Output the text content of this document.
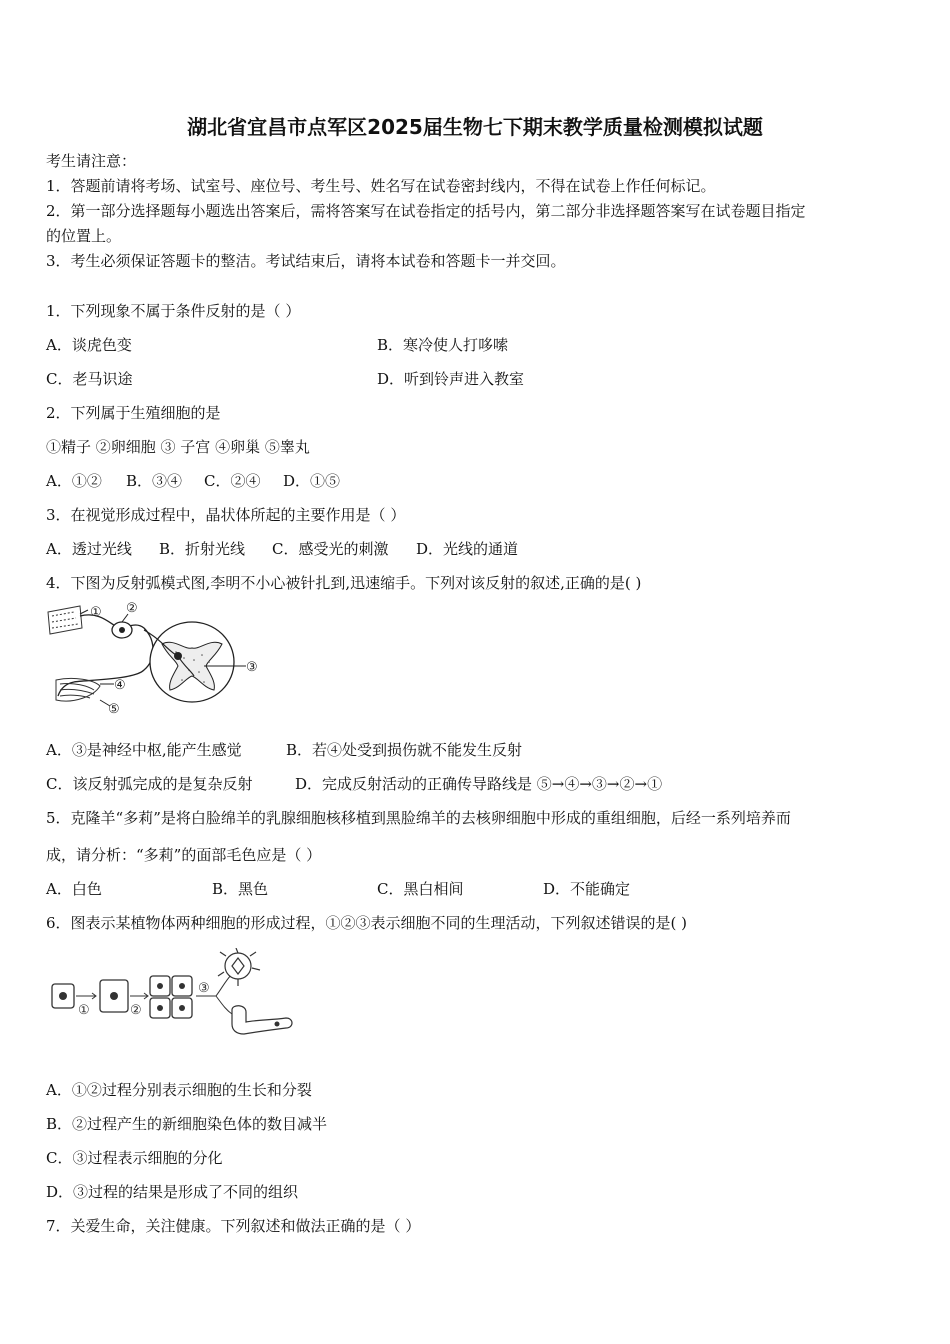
湖北省宜昌市点军区2025届生物七下期末教学质量检测模拟试题
考生请注意：
1．答题前请将考场、试室号、座位号、考生号、姓名写在试卷密封线内，不得在试卷上作任何标记。
2．第一部分选择题每小题选出答案后，需将答案写在试卷指定的括号内，第二部分非选择题答案写在试卷题目指定
的位置上。
3．考生必须保证答题卡的整洁。考试结束后，请将本试卷和答题卡一并交回。
1．下列现象不属于条件反射的是（ ）
A．谈虎色变	B．寒冷使人打哆嗦
C．老马识途	D．听到铃声进入教室
2．下列属于生殖细胞的是
①精子 ②卵细胞 ③ 子宫 ④卵巢 ⑤睾丸
A．①② B．③④ C．②④ D．①⑤
3．在视觉形成过程中，晶状体所起的主要作用是（ ）
A．透过光线 B．折射光线 C．感受光的刺激 D．光线的通道
4．下图为反射弧模式图,李明不小心被针扎到,迅速缩手。下列对该反射的叙述,正确的是( )
① ②
③
④
⑤
A．③是神经中枢,能产生感觉	B．若④处受到损伤就不能发生反射
C．该反射弧完成的是复杂反射	D．完成反射活动的正确传导路线是 ⑤→④→③→②→①
5．克隆羊“多莉”是将白脸绵羊的乳腺细胞核移植到黑脸绵羊的去核卵细胞中形成的重组细胞，后经一系列培养而
成，请分析：“多莉”的面部毛色应是（ ）
A．白色	B．黑色	C．黑白相间	D．不能确定
6．图表示某植物体两种细胞的形成过程，①②③表示细胞不同的生理活动，下列叙述错误的是( )
①	②
③
A．①②过程分别表示细胞的生长和分裂
B．②过程产生的新细胞染色体的数目减半
C．③过程表示细胞的分化
D．③过程的结果是形成了不同的组织
7．关爱生命，关注健康。下列叙述和做法正确的是（ ）
